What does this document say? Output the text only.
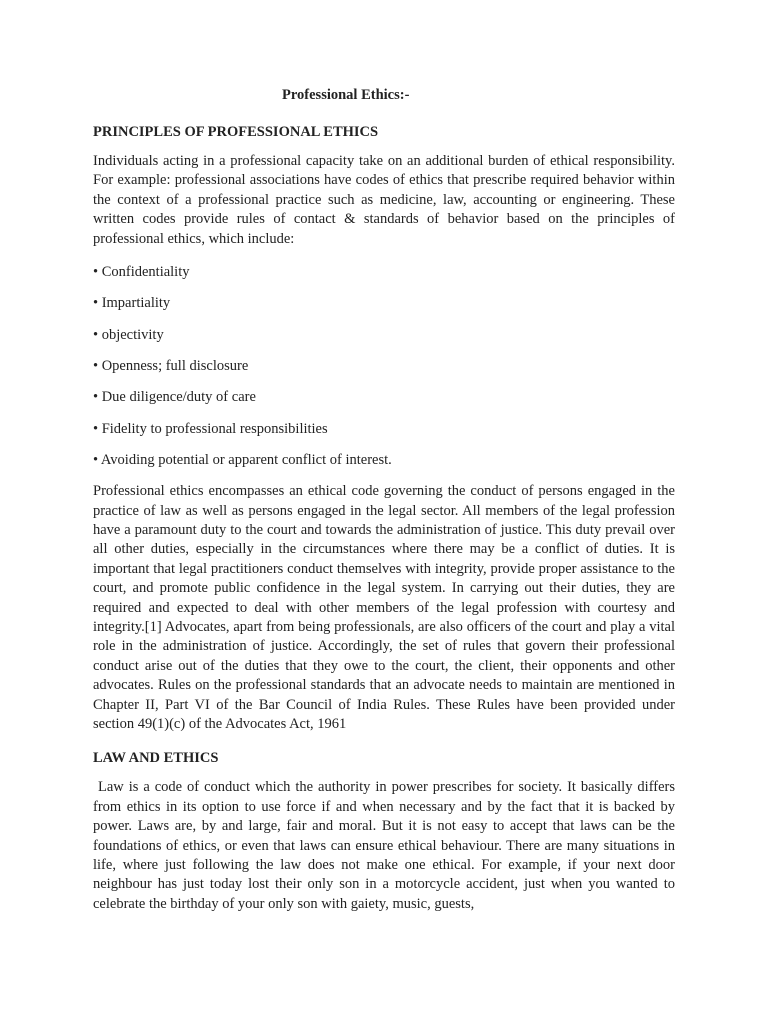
Professional Ethics:-
PRINCIPLES OF PROFESSIONAL ETHICS

Individuals acting in a professional capacity take on an additional burden of ethical responsibility. For example: professional associations have codes of ethics that prescribe required behavior within the context of a professional practice such as medicine, law, accounting or engineering. These written codes provide rules of contact & standards of behavior based on the principles of professional ethics, which include:

• Confidentiality
• Impartiality
• objectivity
• Openness; full disclosure
• Due diligence/duty of care
• Fidelity to professional responsibilities
• Avoiding potential or apparent conflict of interest.

Professional ethics encompasses an ethical code governing the conduct of persons engaged in the practice of law as well as persons engaged in the legal sector. All members of the legal profession have a paramount duty to the court and towards the administration of justice. This duty prevail over all other duties, especially in the circumstances where there may be a conflict of duties. It is important that legal practitioners conduct themselves with integrity, provide proper assistance to the court, and promote public confidence in the legal system. In carrying out their duties, they are required and expected to deal with other members of the legal profession with courtesy and integrity.[1] Advocates, apart from being professionals, are also officers of the court and play a vital role in the administration of justice. Accordingly, the set of rules that govern their professional conduct arise out of the duties that they owe to the court, the client, their opponents and other advocates. Rules on the professional standards that an advocate needs to maintain are mentioned in Chapter II, Part VI of the Bar Council of India Rules. These Rules have been provided under section 49(1)(c) of the Advocates Act, 1961

LAW AND ETHICS

Law is a code of conduct which the authority in power prescribes for society. It basically differs from ethics in its option to use force if and when necessary and by the fact that it is backed by power. Laws are, by and large, fair and moral. But it is not easy to accept that laws can be the foundations of ethics, or even that laws can ensure ethical behaviour. There are many situations in life, where just following the law does not make one ethical. For example, if your next door neighbour has just today lost their only son in a motorcycle accident, just when you wanted to celebrate the birthday of your only son with gaiety, music, guests,
